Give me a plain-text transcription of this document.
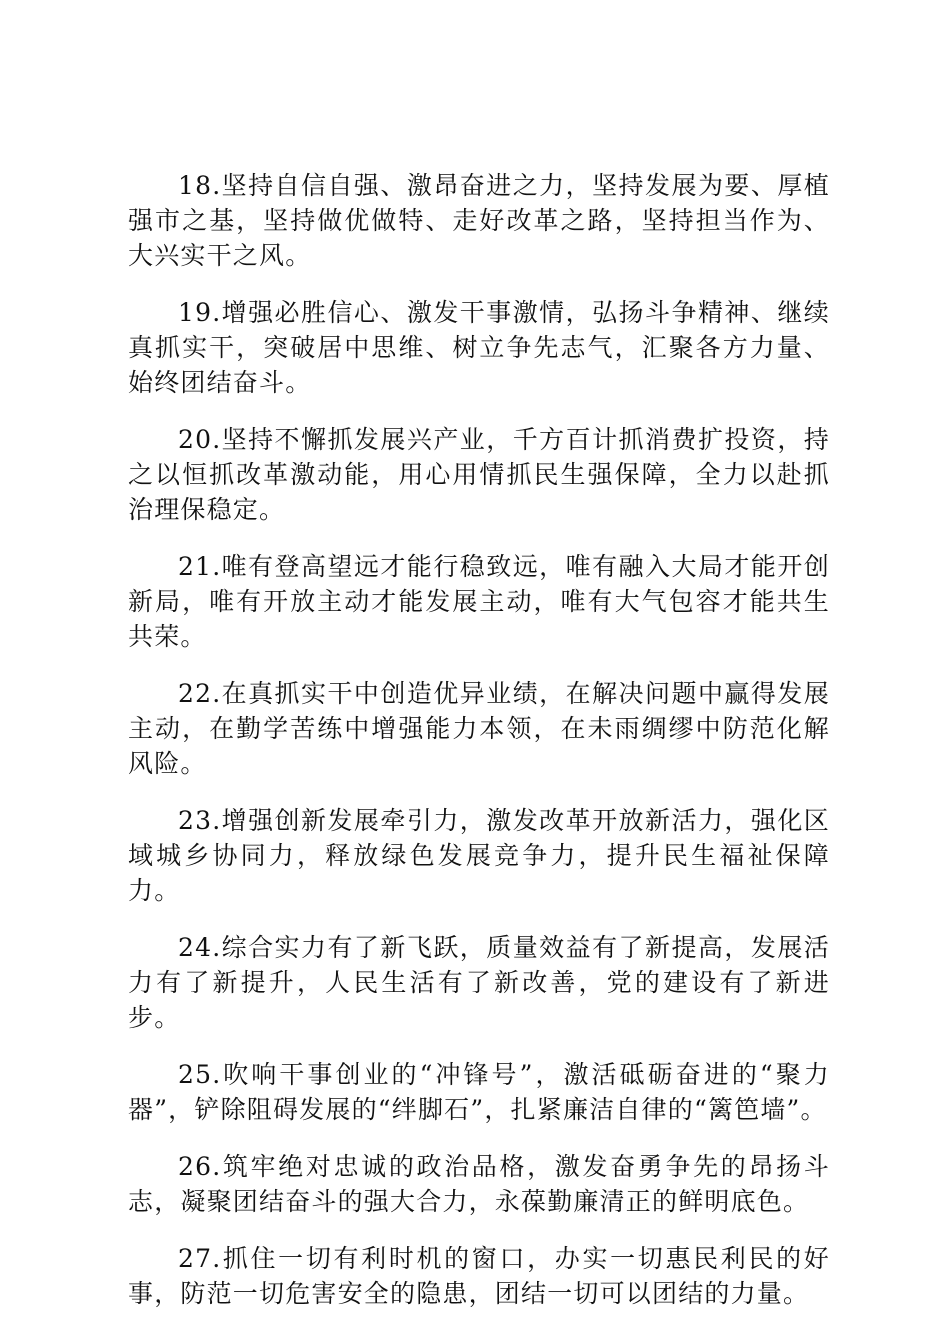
18.坚持自信自强、激昂奋进之力，坚持发展为要、厚植强市之基，坚持做优做特、走好改革之路，坚持担当作为、大兴实干之风。

19.增强必胜信心、激发干事激情，弘扬斗争精神、继续真抓实干，突破居中思维、树立争先志气，汇聚各方力量、始终团结奋斗。

20.坚持不懈抓发展兴产业，千方百计抓消费扩投资，持之以恒抓改革激动能，用心用情抓民生强保障，全力以赴抓治理保稳定。

21.唯有登高望远才能行稳致远，唯有融入大局才能开创新局，唯有开放主动才能发展主动，唯有大气包容才能共生共荣。

22.在真抓实干中创造优异业绩，在解决问题中赢得发展主动，在勤学苦练中增强能力本领，在未雨绸缪中防范化解风险。

23.增强创新发展牵引力，激发改革开放新活力，强化区域城乡协同力，释放绿色发展竞争力，提升民生福祉保障力。

24.综合实力有了新飞跃，质量效益有了新提高，发展活力有了新提升，人民生活有了新改善，党的建设有了新进步。

25.吹响干事创业的“冲锋号”，激活砥砺奋进的“聚力器”，铲除阻碍发展的“绊脚石”，扎紧廉洁自律的“篱笆墙”。

26.筑牢绝对忠诚的政治品格，激发奋勇争先的昂扬斗志，凝聚团结奋斗的强大合力，永葆勤廉清正的鲜明底色。

27.抓住一切有利时机的窗口，办实一切惠民利民的好事，防范一切危害安全的隐患，团结一切可以团结的力量。
